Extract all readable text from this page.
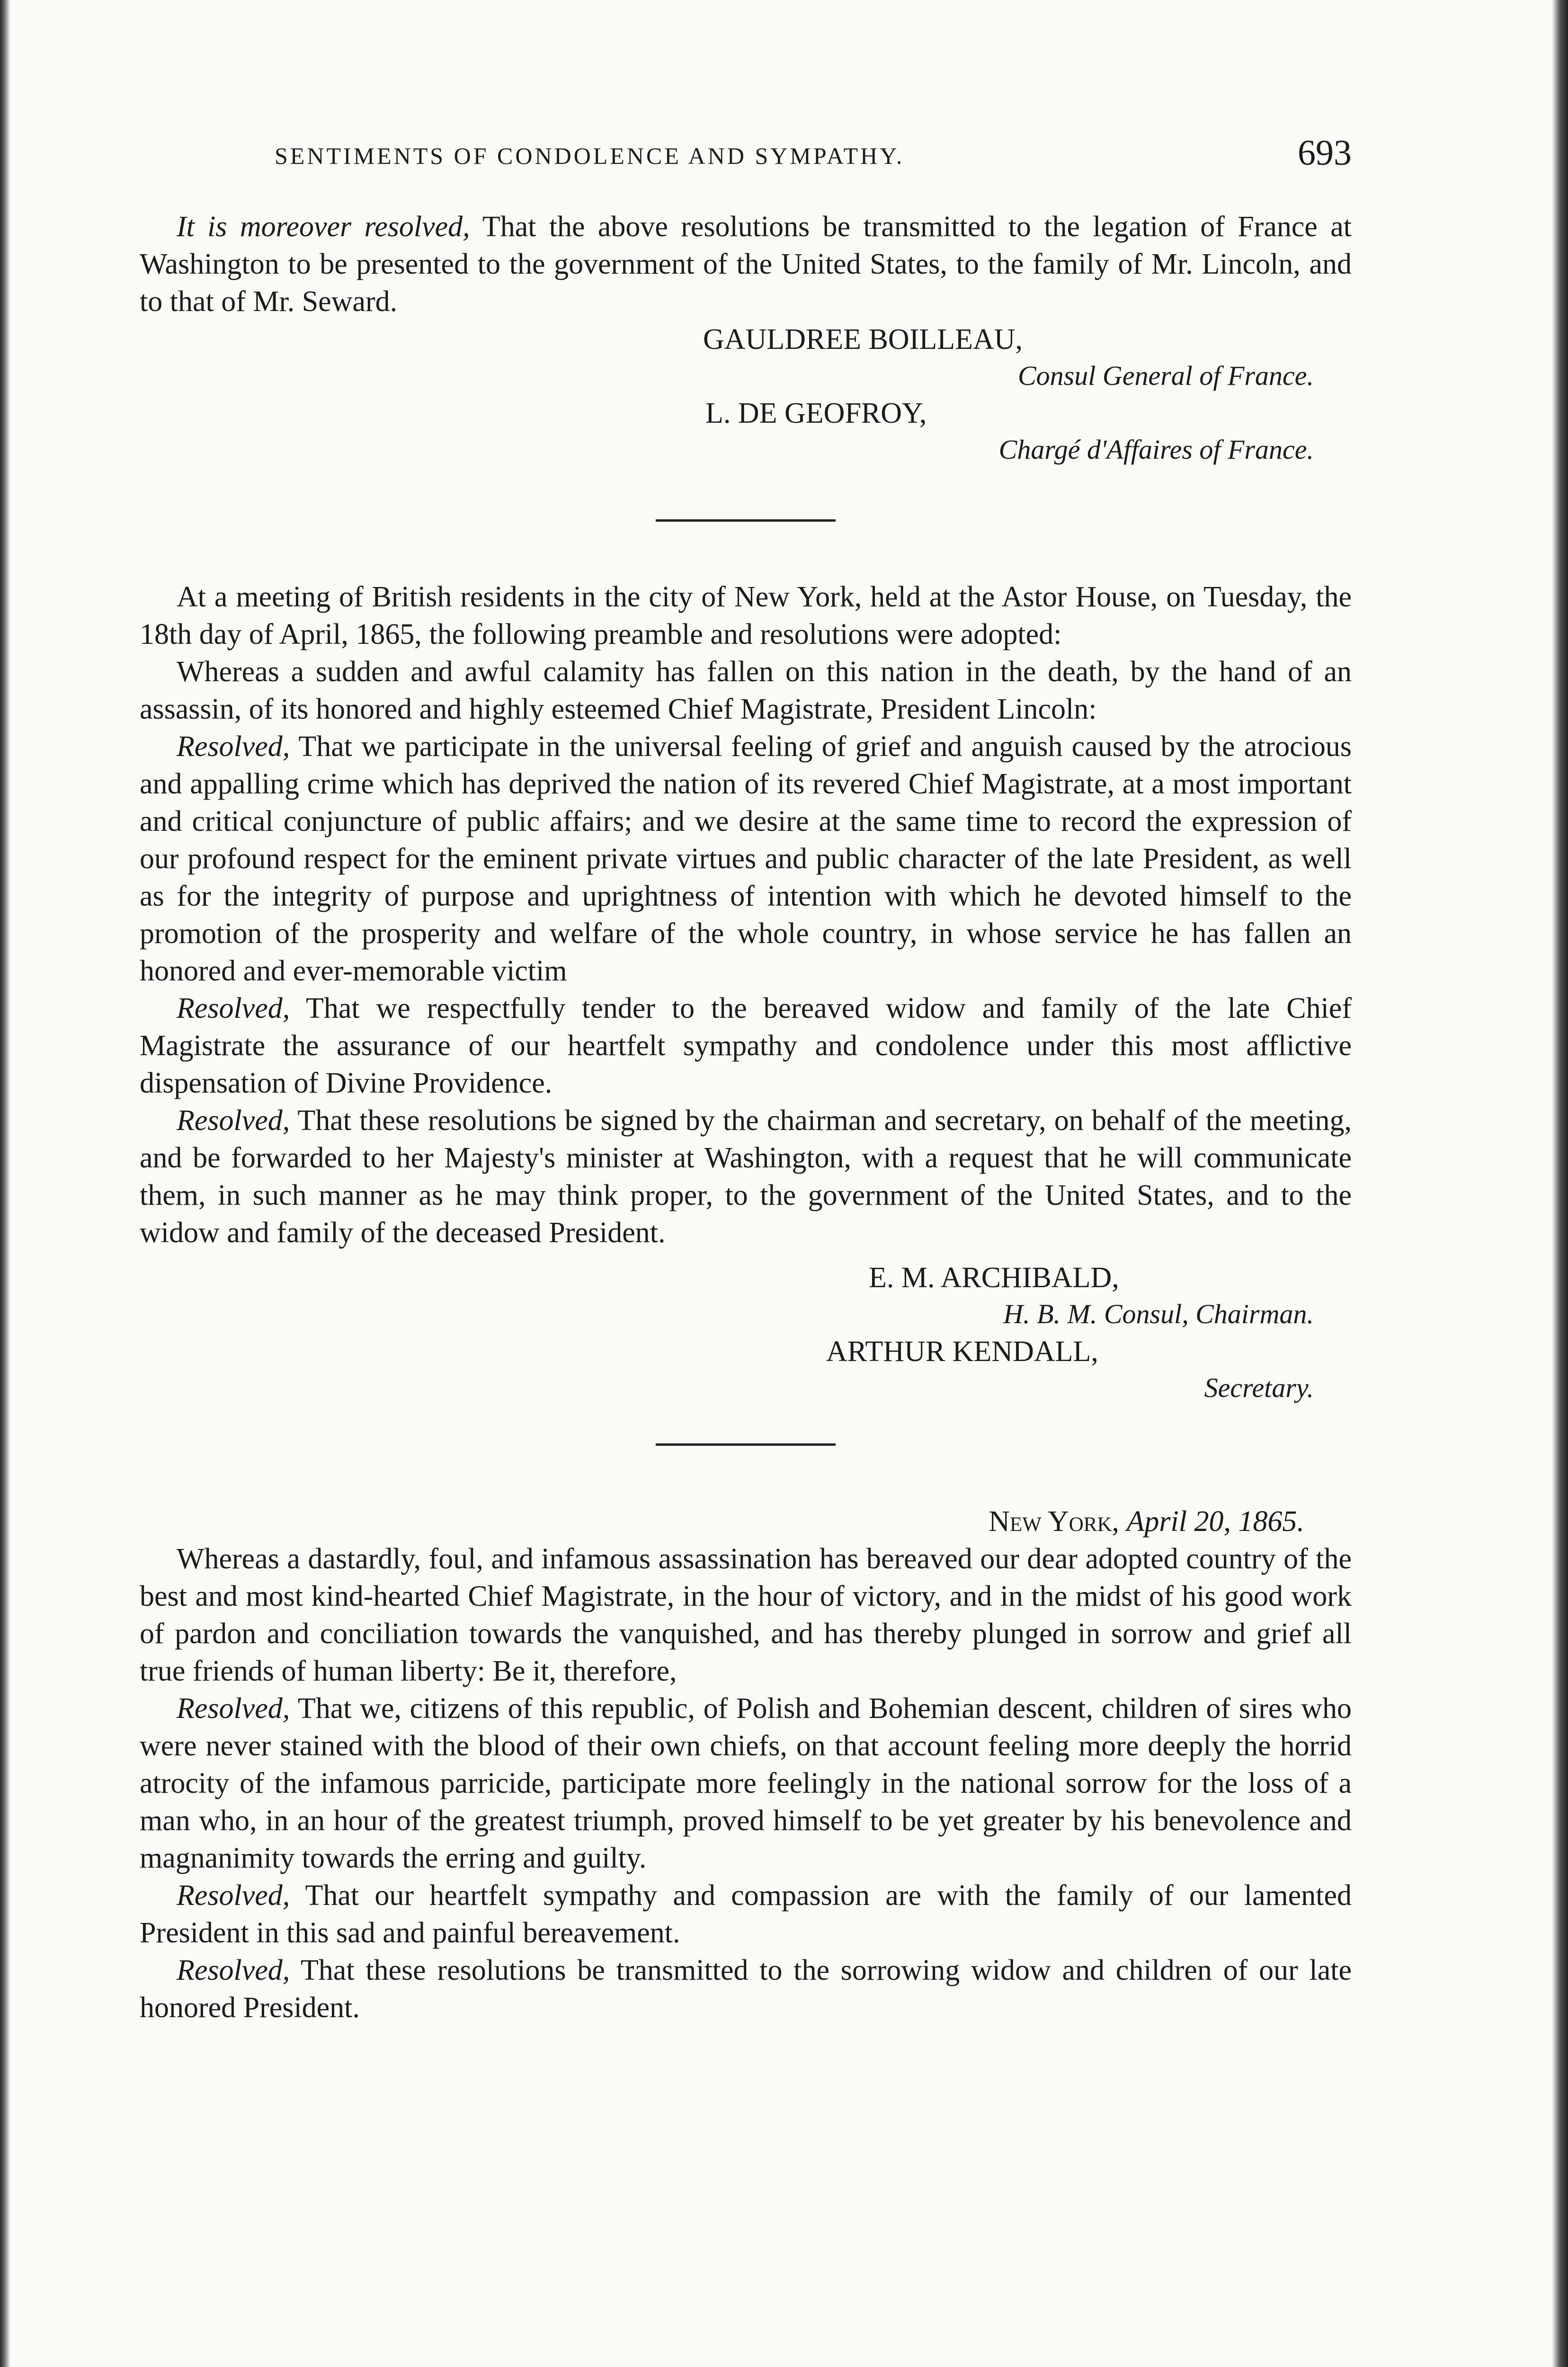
SENTIMENTS OF CONDOLENCE AND SYMPATHY.	693

It is moreover resolved, That the above resolutions be transmitted to the legation of France at Washington to be presented to the government of the United States, to the family of Mr. Lincoln, and to that of Mr. Seward.

GAULDREE BOILLEAU,
Consul General of France.
L. DE GEOFROY,
Chargé d'Affaires of France.

At a meeting of British residents in the city of New York, held at the Astor House, on Tuesday, the 18th day of April, 1865, the following preamble and resolutions were adopted:

Whereas a sudden and awful calamity has fallen on this nation in the death, by the hand of an assassin, of its honored and highly esteemed Chief Magistrate, President Lincoln:

Resolved, That we participate in the universal feeling of grief and anguish caused by the atrocious and appalling crime which has deprived the nation of its revered Chief Magistrate, at a most important and critical conjuncture of public affairs; and we desire at the same time to record the expression of our profound respect for the eminent private virtues and public character of the late President, as well as for the integrity of purpose and uprightness of intention with which he devoted himself to the promotion of the prosperity and welfare of the whole country, in whose service he has fallen an honored and ever-memorable victim

Resolved, That we respectfully tender to the bereaved widow and family of the late Chief Magistrate the assurance of our heartfelt sympathy and condolence under this most afflictive dispensation of Divine Providence.

Resolved, That these resolutions be signed by the chairman and secretary, on behalf of the meeting, and be forwarded to her Majesty's minister at Washington, with a request that he will communicate them, in such manner as he may think proper, to the government of the United States, and to the widow and family of the deceased President.

E. M. ARCHIBALD,
H. B. M. Consul, Chairman.
ARTHUR KENDALL,
Secretary.
New York, April 20, 1865.

Whereas a dastardly, foul, and infamous assassination has bereaved our dear adopted country of the best and most kind-hearted Chief Magistrate, in the hour of victory, and in the midst of his good work of pardon and conciliation towards the vanquished, and has thereby plunged in sorrow and grief all true friends of human liberty: Be it, therefore,

Resolved, That we, citizens of this republic, of Polish and Bohemian descent, children of sires who were never stained with the blood of their own chiefs, on that account feeling more deeply the horrid atrocity of the infamous parricide, participate more feelingly in the national sorrow for the loss of a man who, in an hour of the greatest triumph, proved himself to be yet greater by his benevolence and magnanimity towards the erring and guilty.

Resolved, That our heartfelt sympathy and compassion are with the family of our lamented President in this sad and painful bereavement.

Resolved, That these resolutions be transmitted to the sorrowing widow and children of our late honored President.
